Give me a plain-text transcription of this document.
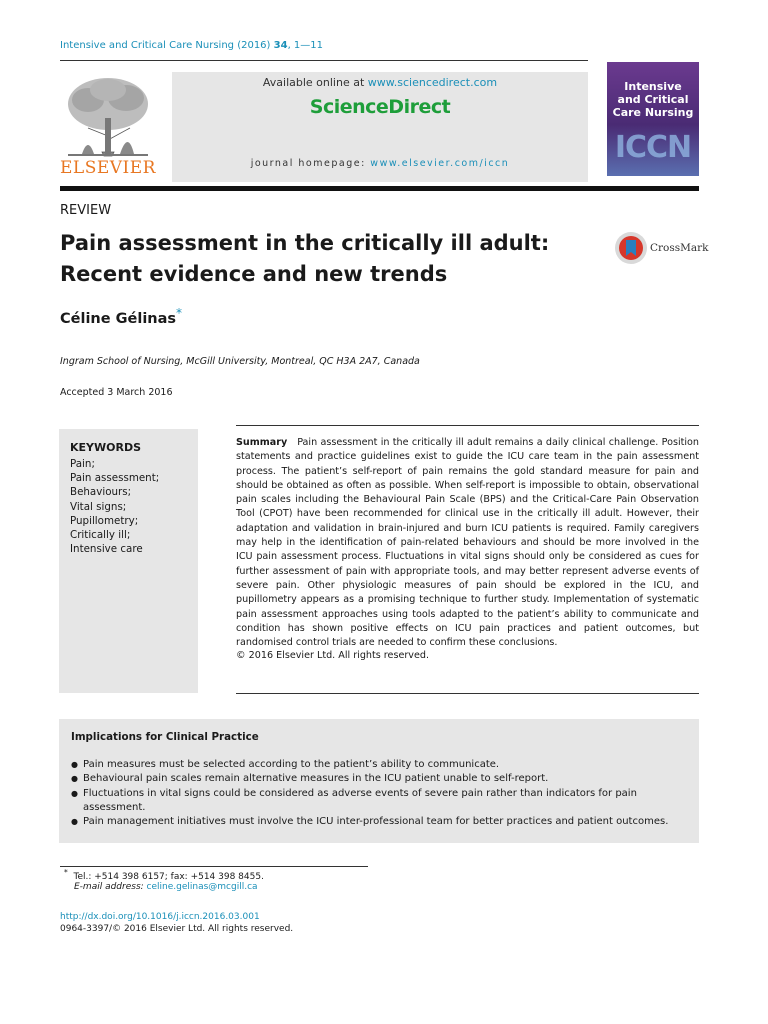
Intensive and Critical Care Nursing (2016) 34, 1—11
ELSEVIER
Available online at www.sciencedirect.com
ScienceDirect
journal homepage: www.elsevier.com/iccn
Intensive and Critical Care Nursing
ICCN
REVIEW
Pain assessment in the critically ill adult:
Recent evidence and new trends
CrossMark
Céline Gélinas*
Ingram School of Nursing, McGill University, Montreal, QC H3A 2A7, Canada
Accepted 3 March 2016
KEYWORDS
Pain;
Pain assessment;
Behaviours;
Vital signs;
Pupillometry;
Critically ill;
Intensive care

Summary Pain assessment in the critically ill adult remains a daily clinical challenge. Position statements and practice guidelines exist to guide the ICU care team in the pain assessment process. The patient’s self-report of pain remains the gold standard measure for pain and should be obtained as often as possible. When self-report is impossible to obtain, observational pain scales including the Behavioural Pain Scale (BPS) and the Critical-Care Pain Observation Tool (CPOT) have been recommended for clinical use in the critically ill adult. However, their adaptation and validation in brain-injured and burn ICU patients is required. Family caregivers may help in the identification of pain-related behaviours and should be more involved in the ICU pain assessment process. Fluctuations in vital signs should only be considered as cues for further assessment of pain with appropriate tools, and may better represent adverse events of severe pain. Other physiologic measures of pain should be explored in the ICU, and pupillometry appears as a promising technique to further study. Implementation of systematic pain assessment approaches using tools adapted to the patient’s ability to communicate and condition has shown positive effects on ICU pain practices and patient outcomes, but randomised control trials are needed to confirm these conclusions.

© 2016 Elsevier Ltd. All rights reserved.
Implications for Clinical Practice
● Pain measures must be selected according to the patient’s ability to communicate.
● Behavioural pain scales remain alternative measures in the ICU patient unable to self-report.
● Fluctuations in vital signs could be considered as adverse events of severe pain rather than indicators for pain assessment.
● Pain management initiatives must involve the ICU inter-professional team for better practices and patient outcomes.
* Tel.: +514 398 6157; fax: +514 398 8455.
E-mail address: celine.gelinas@mcgill.ca
http://dx.doi.org/10.1016/j.iccn.2016.03.001
0964-3397/© 2016 Elsevier Ltd. All rights reserved.
